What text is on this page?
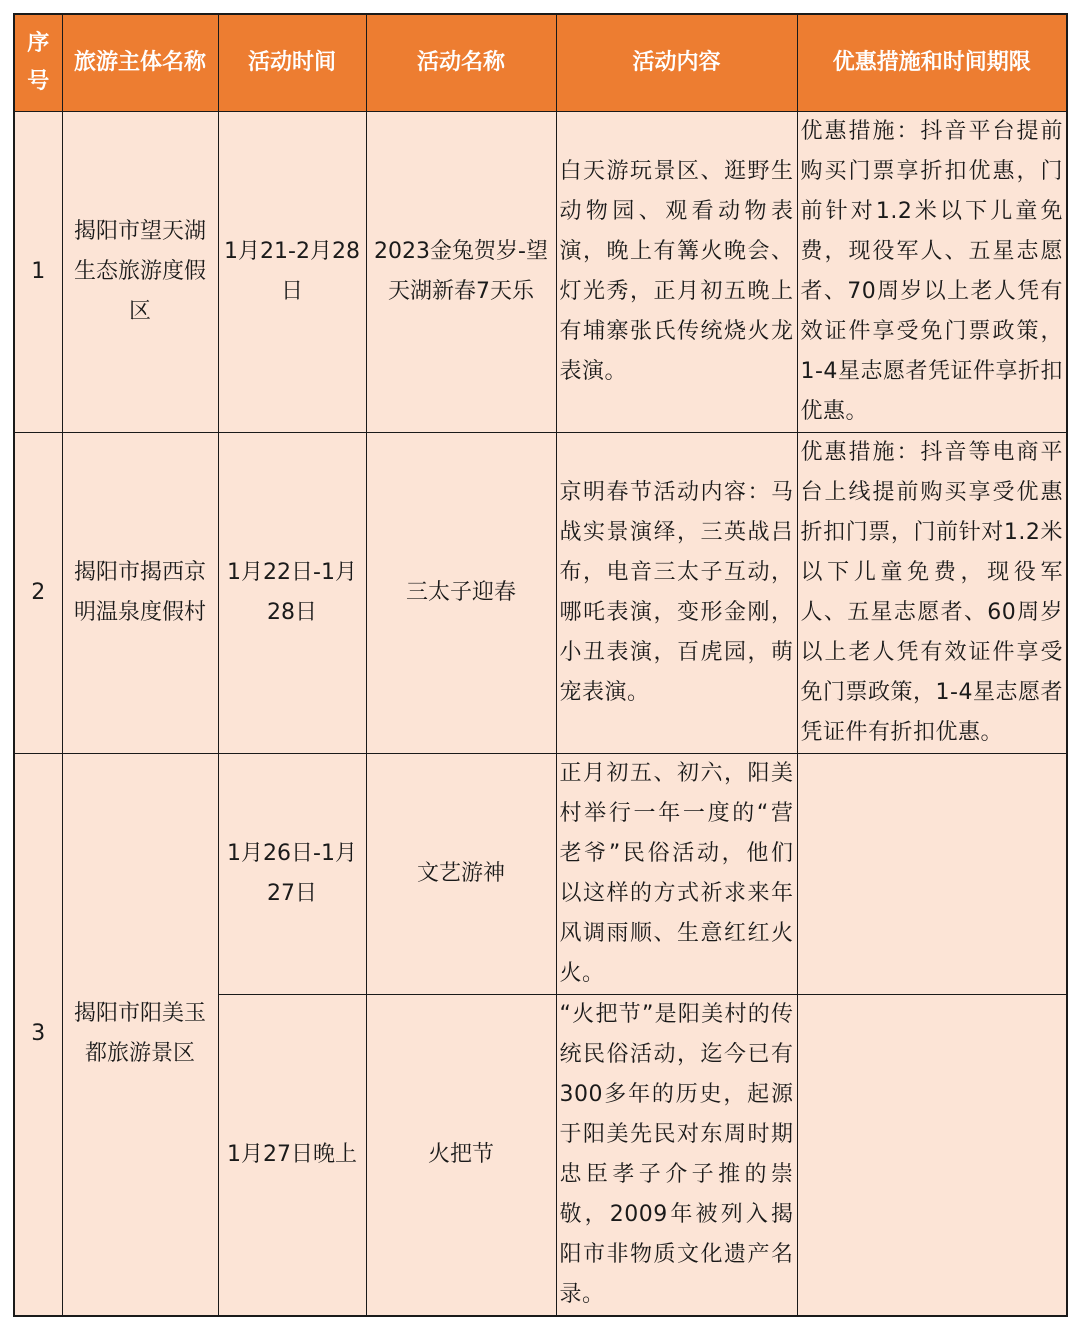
序号	旅游主体名称	活动时间	活动名称	活动内容	优惠措施和时间期限
1	揭阳市望天湖生态旅游度假区	1月21-2月28日	2023金兔贺岁-望天湖新春7天乐	白天游玩景区、逛野生动物园、观看动物表演，晚上有篝火晚会、灯光秀，正月初五晚上有埔寨张氏传统烧火龙表演。	优惠措施：抖音平台提前购买门票享折扣优惠，门前针对1.2米以下儿童免费，现役军人、五星志愿者、70周岁以上老人凭有效证件享受免门票政策，1-4星志愿者凭证件享折扣优惠。
2	揭阳市揭西京明温泉度假村	1月22日-1月28日	三太子迎春	京明春节活动内容：马战实景演绎，三英战吕布，电音三太子互动，哪吒表演，变形金刚，小丑表演，百虎园，萌宠表演。	优惠措施：抖音等电商平台上线提前购买享受优惠折扣门票，门前针对1.2米以下儿童免费，现役军人、五星志愿者、60周岁以上老人凭有效证件享受免门票政策，1-4星志愿者凭证件有折扣优惠。
3	揭阳市阳美玉都旅游景区	1月26日-1月27日	文艺游神	正月初五、初六，阳美村举行一年一度的“营老爷”民俗活动，他们以这样的方式祈求来年风调雨顺、生意红红火火。	
		1月27日晚上	火把节	“火把节”是阳美村的传统民俗活动，迄今已有300多年的历史，起源于阳美先民对东周时期忠臣孝子介子推的崇敬，2009年被列入揭阳市非物质文化遗产名录。	
